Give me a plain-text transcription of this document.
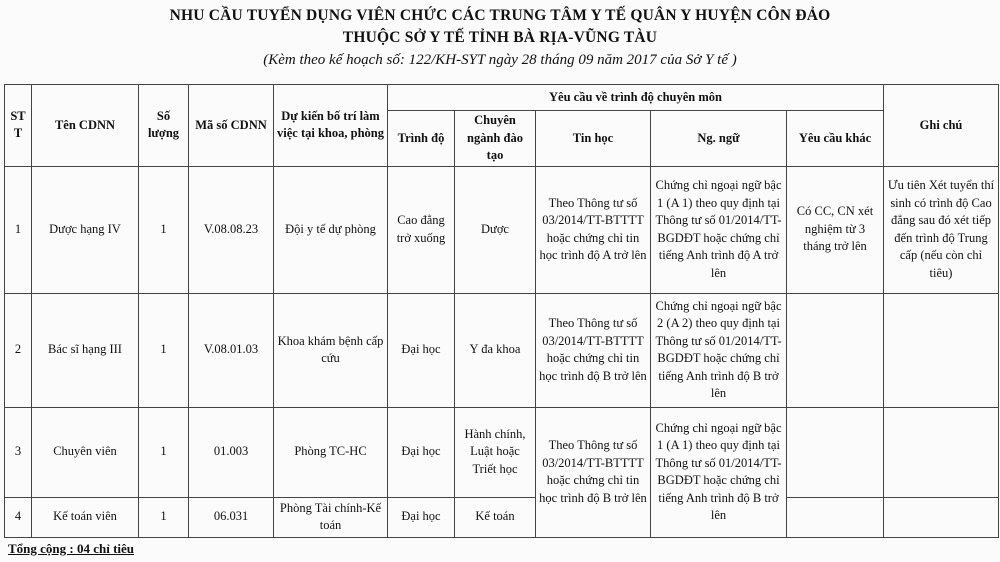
NHU CẦU TUYỂN DỤNG VIÊN CHỨC CÁC TRUNG TÂM Y TẾ QUÂN Y HUYỆN CÔN ĐẢO
THUỘC SỞ Y TẾ TỈNH BÀ RỊA-VŨNG TÀU
(Kèm theo kế hoạch số: 122/KH-SYT ngày 28 tháng 09 năm 2017 của Sở Y tế )
STT	Tên CDNN	Số lượng	Mã số CDNN	Dự kiến bố trí làm việc tại khoa, phòng	Yêu cầu về trình độ chuyên môn					Ghi chú
					Trình độ	Chuyên ngành đào tạo	Tin học	Ng. ngữ	Yêu cầu khác	
1	Dược hạng IV	1	V.08.08.23	Đội y tế dự phòng	Cao đẳng trở xuống	Dược	Theo Thông tư số 03/2014/TT-BTTTT hoặc chứng chỉ tin học trình độ A trở lên	Chứng chỉ ngoại ngữ bậc 1 (A 1) theo quy định tại Thông tư số 01/2014/TT-BGDĐT hoặc chứng chỉ tiếng Anh trình độ A trở lên	Có CC, CN xét nghiệm từ 3 tháng trở lên	Ưu tiên Xét tuyển thí sinh có trình độ Cao đẳng sau đó xét tiếp đến trình độ Trung cấp (nếu còn chỉ tiêu)
2	Bác sĩ hạng III	1	V.08.01.03	Khoa khám bệnh cấp cứu	Đại học	Y đa khoa	Theo Thông tư số 03/2014/TT-BTTTT hoặc chứng chỉ tin học trình độ B trở lên	Chứng chỉ ngoại ngữ bậc 2 (A 2) theo quy định tại Thông tư số 01/2014/TT-BGDĐT hoặc chứng chỉ tiếng Anh trình độ B trở lên		
3	Chuyên viên	1	01.003	Phòng TC-HC	Đại học	Hành chính, Luật hoặc Triết học	Theo Thông tư số 03/2014/TT-BTTTT hoặc chứng chỉ tin học trình độ B trở lên	Chứng chỉ ngoại ngữ bậc 1 (A 1) theo quy định tại Thông tư số 01/2014/TT-BGDĐT hoặc chứng chỉ tiếng Anh trình độ B trở lên		
4	Kế toán viên	1	06.031	Phòng Tài chính-Kế toán	Đại học	Kế toán				
Tổng cộng : 04 chỉ tiêu
